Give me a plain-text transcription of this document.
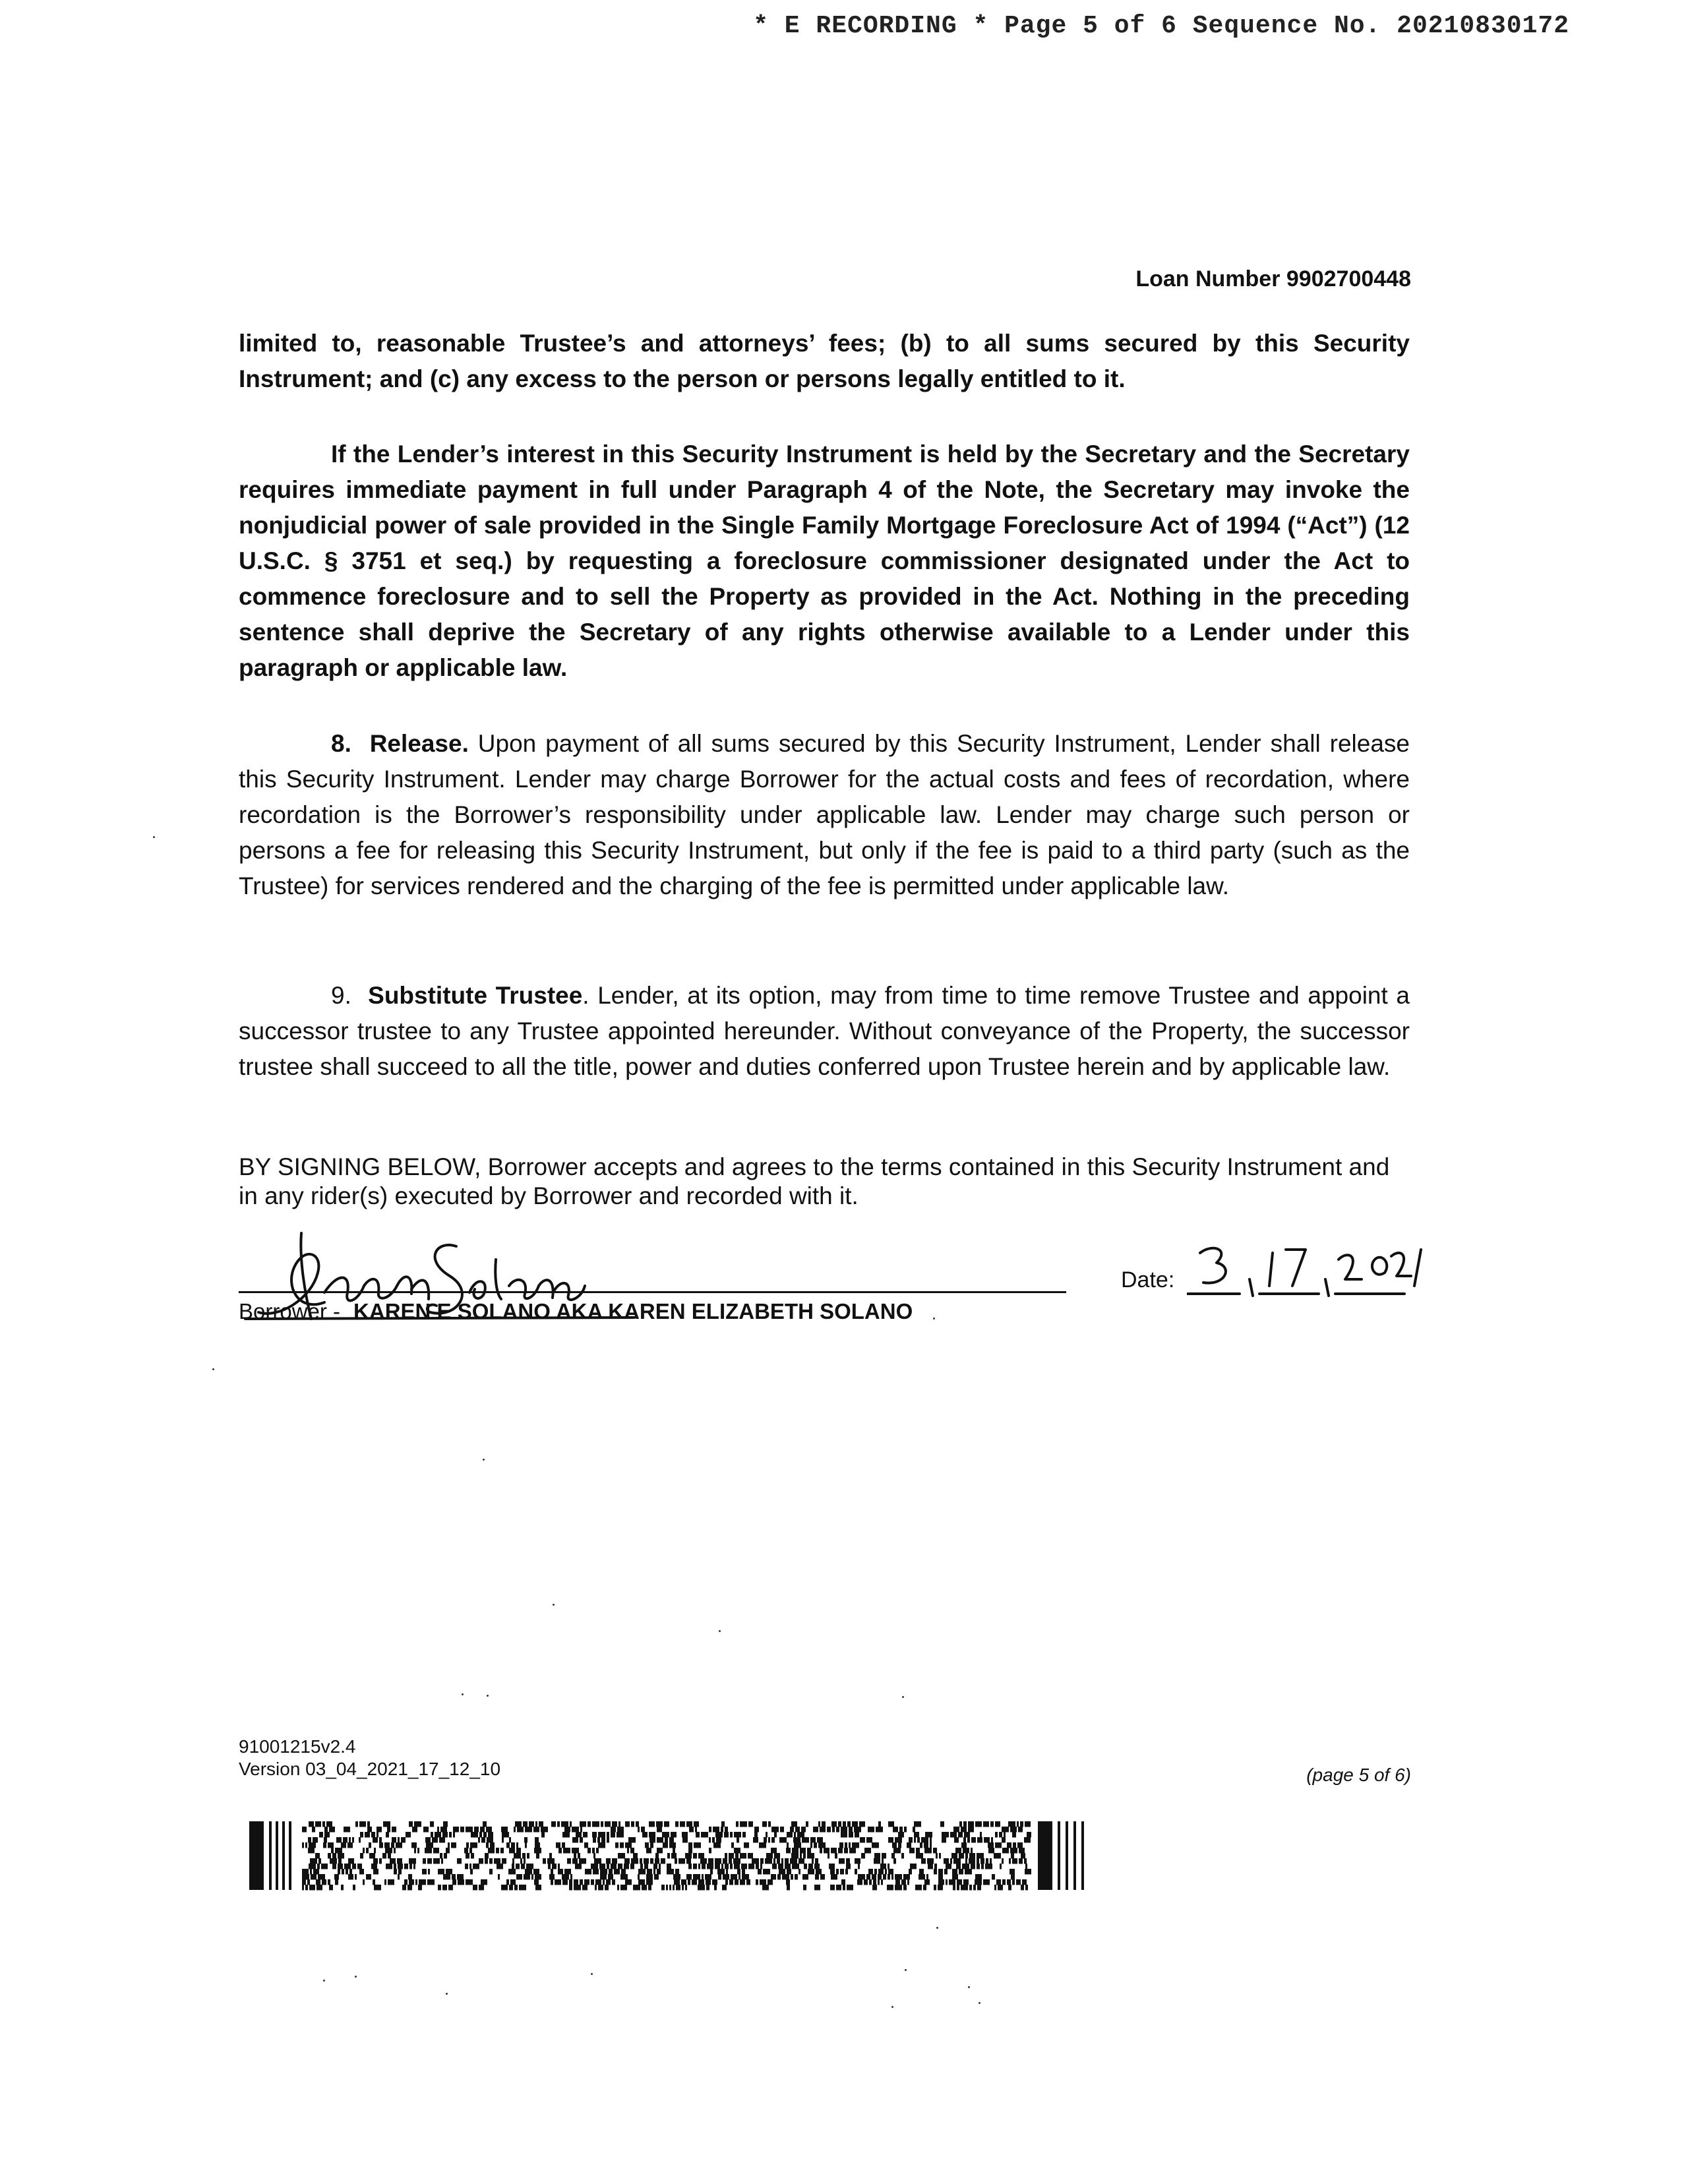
* E RECORDING * Page 5 of 6 Sequence No. 20210830172
Loan Number 9902700448

limited to, reasonable Trustee’s and attorneys’ fees; (b) to all sums secured by this Security Instrument; and (c) any excess to the person or persons legally entitled to it.

If the Lender’s interest in this Security Instrument is held by the Secretary and the Secretary requires immediate payment in full under Paragraph 4 of the Note, the Secretary may invoke the nonjudicial power of sale provided in the Single Family Mortgage Foreclosure Act of 1994 (“Act”) (12 U.S.C. § 3751 et seq.) by requesting a foreclosure commissioner designated under the Act to commence foreclosure and to sell the Property as provided in the Act. Nothing in the preceding sentence shall deprive the Secretary of any rights otherwise available to a Lender under this paragraph or applicable law.

8. Release. Upon payment of all sums secured by this Security Instrument, Lender shall release this Security Instrument. Lender may charge Borrower for the actual costs and fees of recordation, where recordation is the Borrower’s responsibility under applicable law. Lender may charge such person or persons a fee for releasing this Security Instrument, but only if the fee is paid to a third party (such as the Trustee) for services rendered and the charging of the fee is permitted under applicable law.

9. Substitute Trustee. Lender, at its option, may from time to time remove Trustee and appoint a successor trustee to any Trustee appointed hereunder. Without conveyance of the Property, the successor trustee shall succeed to all the title, power and duties conferred upon Trustee herein and by applicable law.

BY SIGNING BELOW, Borrower accepts and agrees to the terms contained in this Security Instrument and in any rider(s) executed by Borrower and recorded with it.

Borrower - KAREN E SOLANO AKA KAREN ELIZABETH SOLANO
Date:
91001215v2.4
Version 03_04_2021_17_12_10	(page 5 of 6)
